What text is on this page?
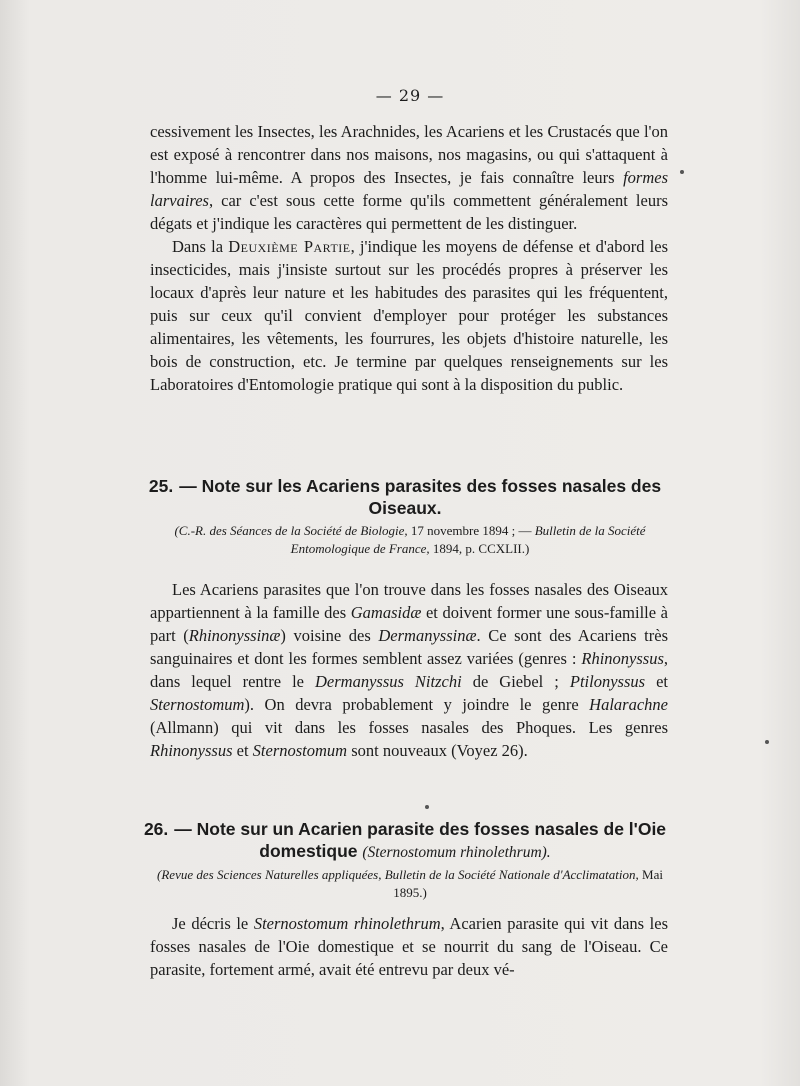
— 29 —

cessivement les Insectes, les Arachnides, les Acariens et les Crustacés que l'on est exposé à rencontrer dans nos maisons, nos magasins, ou qui s'attaquent à l'homme lui-même. A propos des Insectes, je fais connaître leurs formes larvaires, car c'est sous cette forme qu'ils commettent généralement leurs dégats et j'indique les caractères qui permettent de les distinguer.

Dans la Deuxième Partie, j'indique les moyens de défense et d'abord les insecticides, mais j'insiste surtout sur les procédés propres à préserver les locaux d'après leur nature et les habitudes des parasites qui les fréquentent, puis sur ceux qu'il convient d'employer pour protéger les substances alimentaires, les vêtements, les fourrures, les objets d'histoire naturelle, les bois de construction, etc. Je termine par quelques renseignements sur les Laboratoires d'Entomologie pratique qui sont à la disposition du public.

25. — Note sur les Acariens parasites des fosses nasales des Oiseaux.

(C.-R. des Séances de la Société de Biologie, 17 novembre 1894 ; — Bulletin de la Société Entomologique de France, 1894, p. CCXLII.)

Les Acariens parasites que l'on trouve dans les fosses nasales des Oiseaux appartiennent à la famille des Gamasidæ et doivent former une sous-famille à part (Rhinonyssinæ) voisine des Dermanyssinæ. Ce sont des Acariens très sanguinaires et dont les formes semblent assez variées (genres : Rhinonyssus, dans lequel rentre le Dermanyssus Nitzchi de Giebel ; Ptilonyssus et Sternostomum). On devra probablement y joindre le genre Halarachne (Allmann) qui vit dans les fosses nasales des Phoques. Les genres Rhinonyssus et Sternostomum sont nouveaux (Voyez 26).

26. — Note sur un Acarien parasite des fosses nasales de l'Oie domestique (Sternostomum rhinolethrum).

(Revue des Sciences Naturelles appliquées, Bulletin de la Société Nationale d'Acclimatation, Mai 1895.)

Je décris le Sternostomum rhinolethrum, Acarien parasite qui vit dans les fosses nasales de l'Oie domestique et se nourrit du sang de l'Oiseau. Ce parasite, fortement armé, avait été entrevu par deux vé-
